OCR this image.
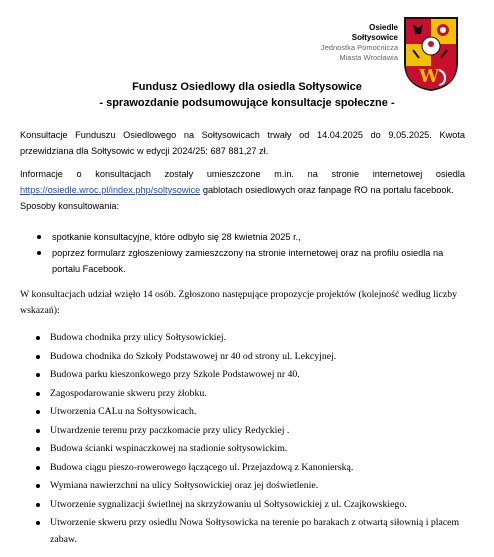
Osiedle
Sołtysowice
Jednostka Pomocnicza
Miasta Wrocławia
W
Fundusz Osiedlowy dla osiedla Sołtysowice
- sprawozdanie podsumowujące konsultacje społeczne -

Konsultacje Funduszu Osiedlowego na Sołtysowicach trwały od 14.04.2025 do 9.05.2025. Kwota przewidziana dla Sołtysowic w edycji 2024/25: 687 881,27 zł.

Informacje o konsultacjach zostały umieszczone m.in. na stronie internetowej osiedla https://osiedle.wroc.pl/index.php/soltysowice gablotach osiedlowych oraz fanpage RO na portalu facebook.

Sposoby konsultowania:

spotkanie konsultacyjne, które odbyło się 28 kwietnia 2025 r.,
poprzez formularz zgłoszeniowy zamieszczony na stronie internetowej oraz na profilu osiedla na portalu Facebook.

W konsultacjach udział wzięło 14 osób. Zgłoszono następujące propozycje projektów (kolejność według liczby wskazań):

Budowa chodnika przy ulicy Sołtysowickiej.
Budowa chodnika do Szkoły Podstawowej nr 40 od strony ul. Lekcyjnej.
Budowa parku kieszonkowego przy Szkole Podstawowej nr 40.
Zagospodarowanie skweru przy żłobku.
Utworzenia CALu na Sołtysowicach.
Utwardzenie terenu przy paczkomacie przy ulicy Redyckiej .
Budowa ścianki wspinaczkowej na stadionie sołtysowickim.
Budowa ciągu pieszo-rowerowego łączącego ul. Przejazdową z Kanonierską.
Wymiana nawierzchni na ulicy Sołtysowickiej oraz jej doświetlenie.
Utworzenie sygnalizacji świetlnej na skrzyżowaniu ul Sołtysowickiej z ul. Czajkowskiego.
Utworzenie skweru przy osiedlu Nowa Sołtysowicka na terenie po barakach z otwartą siłownią i placem zabaw.
